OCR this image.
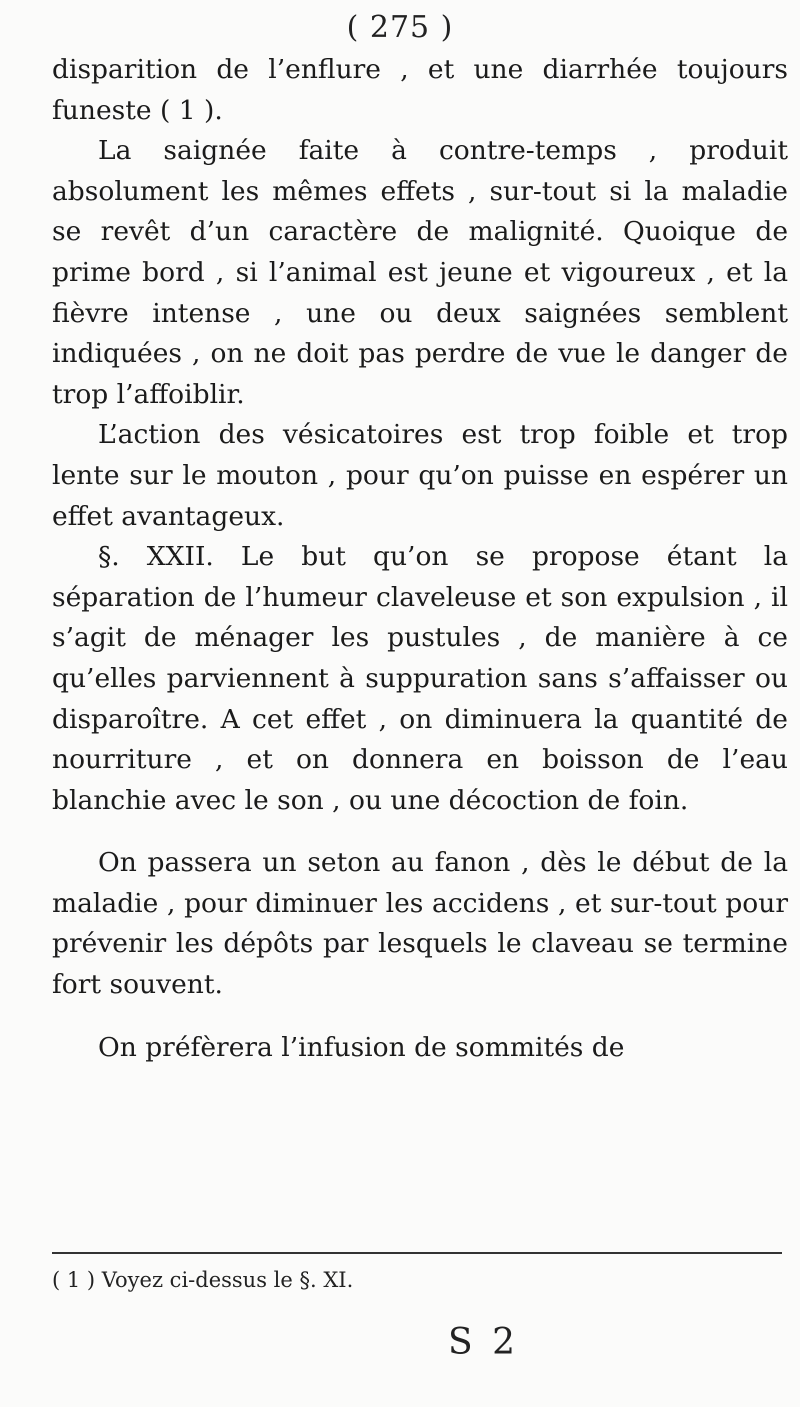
( 275 )

disparition de l’enflure , et une diarrhée toujours funeste ( 1 ).

La saignée faite à contre-temps , produit absolument les mêmes effets , sur-tout si la maladie se revêt d’un caractère de malignité. Quoique de prime bord , si l’animal est jeune et vigoureux , et la fièvre intense , une ou deux saignées semblent indiquées , on ne doit pas perdre de vue le danger de trop l’affoiblir.

L’action des vésicatoires est trop foible et trop lente sur le mouton , pour qu’on puisse en espérer un effet avantageux.

§. XXII. Le but qu’on se propose étant la séparation de l’humeur claveleuse et son expulsion , il s’agit de ménager les pustules , de manière à ce qu’elles parviennent à suppuration sans s’affaisser ou disparoître. A cet effet , on diminuera la quantité de nourriture , et on donnera en boisson de l’eau blanchie avec le son , ou une décoction de foin.

On passera un seton au fanon , dès le début de la maladie , pour diminuer les accidens , et sur-tout pour prévenir les dépôts par lesquels le claveau se termine fort souvent.

On préfèrera l’infusion de sommités de

( 1 ) Voyez ci-dessus le §. XI.
S 2
